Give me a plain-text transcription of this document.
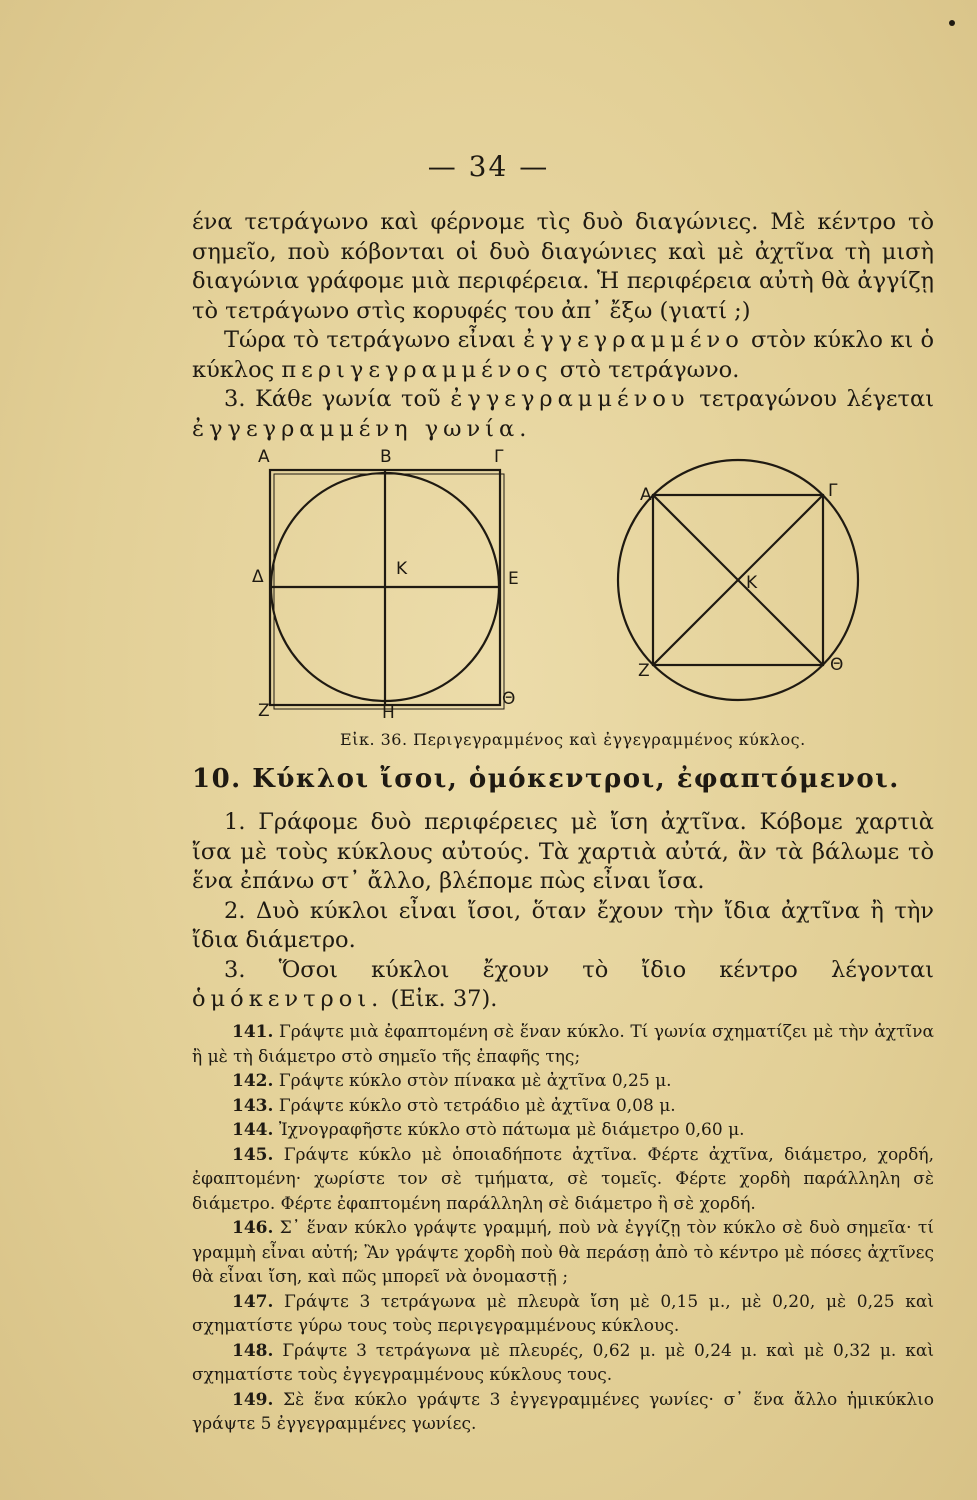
— 34 —

ένα τετράγωνο καὶ φέρνομε τὶς δυὸ διαγώνιες. Μὲ κέντρο τὸ σημεῖο, ποὺ κόβονται οἱ δυὸ διαγώνιες καὶ μὲ ἀχτῖνα τὴ μισὴ διαγώνια γράφομε μιὰ περιφέρεια. Ἡ περιφέρεια αὐτὴ θὰ ἀγγίζῃ τὸ τετράγωνο στὶς κορυφές του ἀπ᾿ ἔξω (γιατί ;)
Τώρα τὸ τετράγωνο εἶναι ἐγγεγραμμένο στὸν κύκλο κι ὁ κύκλος περιγεγραμμένος στὸ τετράγωνο.
3. Κάθε γωνία τοῦ ἐγγεγραμμένου τετραγώνου λέγεται ἐγγεγραμμένη γωνία.

Α	Β	Γ
Δ	Κ	Ε
Ζ	Η
Θ
Α	Γ
Κ
Ζ	Θ
Εἰκ. 36. Περιγεγραμμένος καὶ ἐγγεγραμμένος κύκλος.
10. Κύκλοι ἴσοι, ὁμόκεντροι, ἐφαπτόμενοι.

1. Γράφομε δυὸ περιφέρειες μὲ ἴση ἀχτῖνα. Κόβομε χαρτιὰ ἴσα μὲ τοὺς κύκλους αὐτούς. Τὰ χαρτιὰ αὐτά, ἂν τὰ βάλωμε τὸ ἕνα ἐπάνω στ᾿ ἄλλο, βλέπομε πὼς εἶναι ἴσα.
2. Δυὸ κύκλοι εἶναι ἴσοι, ὅταν ἔχουν τὴν ἴδια ἀχτῖνα ἢ τὴν ἴδια διάμετρο.
3. Ὅσοι κύκλοι ἔχουν τὸ ἴδιο κέντρο λέγονται ὁμόκεντροι. (Εἰκ. 37).

141. Γράψτε μιὰ ἐφαπτομένη σὲ ἕναν κύκλο. Τί γωνία σχηματίζει μὲ τὴν ἀχτῖνα ἢ μὲ τὴ διάμετρο στὸ σημεῖο τῆς ἐπαφῆς της;

142. Γράψτε κύκλο στὸν πίνακα μὲ ἀχτῖνα 0,25 μ.

143. Γράψτε κύκλο στὸ τετράδιο μὲ ἀχτῖνα 0,08 μ.

144. Ἰχνογραφῆστε κύκλο στὸ πάτωμα μὲ διάμετρο 0,60 μ.

145. Γράψτε κύκλο μὲ ὁποιαδήποτε ἀχτῖνα. Φέρτε ἀχτῖνα, διάμετρο, χορδή, ἐφαπτομένη· χωρίστε τον σὲ τμήματα, σὲ τομεῖς. Φέρτε χορδὴ παράλληλη σὲ διάμετρο. Φέρτε ἐφαπτομένη παράλληλη σὲ διάμετρο ἢ σὲ χορδή.

146. Σ᾿ ἕναν κύκλο γράψτε γραμμή, ποὺ νὰ ἐγγίζῃ τὸν κύκλο σὲ δυὸ σημεῖα· τί γραμμὴ εἶναι αὐτή; Ἂν γράψτε χορδὴ ποὺ θὰ περάσῃ ἀπὸ τὸ κέντρο μὲ πόσες ἀχτῖνες θὰ εἶναι ἴση, καὶ πῶς μπορεῖ νὰ ὀνομαστῇ ;

147. Γράψτε 3 τετράγωνα μὲ πλευρὰ ἴση μὲ 0,15 μ., μὲ 0,20, μὲ 0,25 καὶ σχηματίστε γύρω τους τοὺς περιγεγραμμένους κύκλους.

148. Γράψτε 3 τετράγωνα μὲ πλευρές, 0,62 μ. μὲ 0,24 μ. καὶ μὲ 0,32 μ. καὶ σχηματίστε τοὺς ἐγγεγραμμένους κύκλους τους.

149. Σὲ ἕνα κύκλο γράψτε 3 ἐγγεγραμμένες γωνίες· σ᾿ ἕνα ἄλλο ἡμικύκλιο γράψτε 5 ἐγγεγραμμένες γωνίες.
